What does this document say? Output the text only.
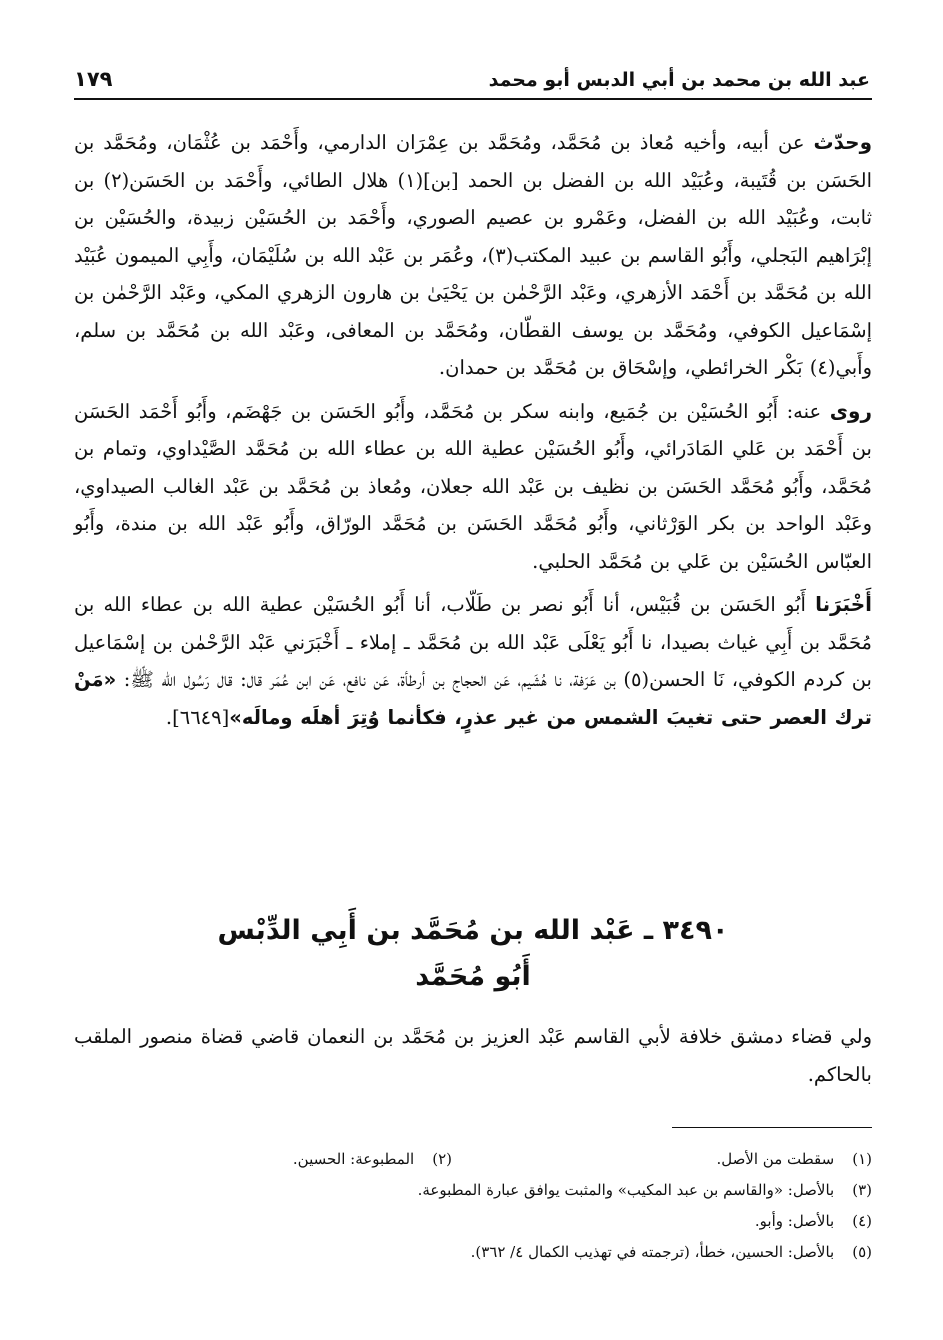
عبد الله بن محمد بن أبي الدبس أبو محمد
١٧٩

وحدّث عن أبيه، وأخيه مُعاذ بن مُحَمَّد، ومُحَمَّد بن عِمْرَان الدارمي، وأَحْمَد بن عُثْمَان، ومُحَمَّد بن الحَسَن بن قُتَيبة، وعُبَيْد الله بن الفضل بن الحمد [بن](١) هلال الطائي، وأَحْمَد بن الحَسَن(٢) بن ثابت، وعُبَيْد الله بن الفضل، وعَمْرو بن عصيم الصوري، وأَحْمَد بن الحُسَيْن زبيدة، والحُسَيْن بن إبْرَاهيم البَجلي، وأَبُو القاسم بن عبيد المكتب(٣)، وعُمَر بن عَبْد الله بن سُلَيْمَان، وأَبِي الميمون عُبَيْد الله بن مُحَمَّد بن أَحْمَد الأزهري، وعَبْد الرَّحْمٰن بن يَحْيَىٰ بن هارون الزهري المكي، وعَبْد الرَّحْمٰن بن إسْمَاعيل الكوفي، ومُحَمَّد بن يوسف القطّان، ومُحَمَّد بن المعافى، وعَبْد الله بن مُحَمَّد بن سلم، وأَبي(٤) بَكْر الخرائطي، وإسْحَاق بن مُحَمَّد بن حمدان.

روى عنه: أَبُو الحُسَيْن بن جُمَيع، وابنه سكر بن مُحَمَّد، وأَبُو الحَسَن بن جَهْضَم، وأَبُو أَحْمَد الحَسَن بن أَحْمَد بن عَلي المَادَرائي، وأَبُو الحُسَيْن عطية الله بن عطاء الله بن مُحَمَّد الصَّيْداوي، وتمام بن مُحَمَّد، وأَبُو مُحَمَّد الحَسَن بن نظيف بن عَبْد الله جعلان، ومُعاذ بن مُحَمَّد بن عَبْد الغالب الصيداوي، وعَبْد الواحد بن بكر الوَرْثاني، وأَبُو مُحَمَّد الحَسَن بن مُحَمَّد الورّاق، وأَبُو عَبْد الله بن مندة، وأَبُو العبّاس الحُسَيْن بن عَلي بن مُحَمَّد الحلبي.

أَخْبَرَنا أَبُو الحَسَن بن قُبَيْس، أنا أَبُو نصر بن طَلّاب، أنا أَبُو الحُسَيْن عطية الله بن عطاء الله بن مُحَمَّد بن أَبِي غياث بصيدا، نا أَبُو يَعْلَى عَبْد الله بن مُحَمَّد ـ إملاء ـ أَخْبَرَني عَبْد الرَّحْمٰن بن إسْمَاعيل بن كردم الكوفي، نَا الحسن(٥) بن عَرَفة، نا هُشَيم، عَن الحجاج بن أرطأة، عَن نافع، عَن ابن عُمَر قال: قال رَسُول الله ﷺ: «مَنْ ترك العصر حتى تغيبَ الشمس من غير عذرٍ، فكأنما وُتِرَ أهلَه ومالَه»[٦٦٤٩].

٣٤٩٠ ـ عَبْد الله بن مُحَمَّد بن أَبِي الدِّبْس
أَبُو مُحَمَّد

ولي قضاء دمشق خلافة لأبي القاسم عَبْد العزيز بن مُحَمَّد بن النعمان قاضي قضاة منصور الملقب بالحاكم.

(١)سقطت من الأصل.
(٢)المطبوعة: الحسين.
(٣)بالأصل: «والقاسم بن عبد المكيب» والمثبت يوافق عبارة المطبوعة.
(٤)بالأصل: وأبو.
(٥)بالأصل: الحسين، خطأ، (ترجمته في تهذيب الكمال ٤/ ٣٦٢).
